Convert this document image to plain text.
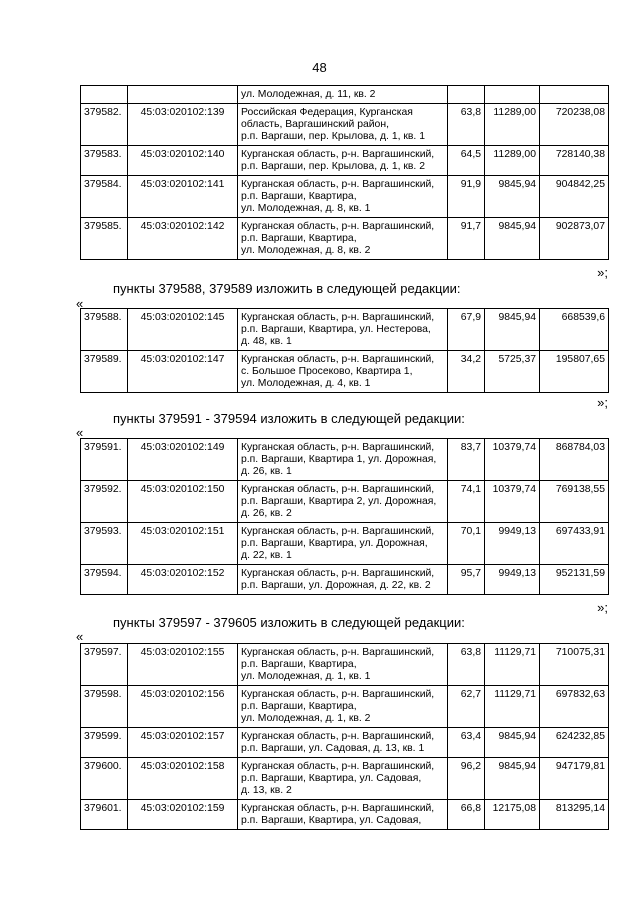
48

		ул. Молодежная, д. 11, кв. 2			

379582.	45:03:020102:139	Российская Федерация, Курганская
область, Варгашинский район,
р.п. Варгаши, пер. Крылова, д. 1, кв. 1	63,8	11289,00	720238,08
379583.	45:03:020102:140	Курганская область, р-н. Варгашинский,
р.п. Варгаши, пер. Крылова, д. 1, кв. 2	64,5	11289,00	728140,38
379584.	45:03:020102:141	Курганская область, р-н. Варгашинский,
р.п. Варгаши, Квартира,
ул. Молодежная, д. 8, кв. 1	91,9	9845,94	904842,25
379585.	45:03:020102:142	Курганская область, р-н. Варгашинский,
р.п. Варгаши, Квартира,
ул. Молодежная, д. 8, кв. 2	91,7	9845,94	902873,07
»;
пункты 379588, 379589 изложить в следующей редакции:
«
379588.	45:03:020102:145	Курганская область, р-н. Варгашинский,
р.п. Варгаши, Квартира, ул. Нестерова,
д. 48, кв. 1	67,9	9845,94	668539,6
379589.	45:03:020102:147	Курганская область, р-н. Варгашинский,
с. Большое Просеково, Квартира 1,
ул. Молодежная, д. 4, кв. 1	34,2	5725,37	195807,65
»;
пункты 379591 - 379594 изложить в следующей редакции:
«
379591.	45:03:020102:149	Курганская область, р-н. Варгашинский,
р.п. Варгаши, Квартира 1, ул. Дорожная,
д. 26, кв. 1	83,7	10379,74	868784,03
379592.	45:03:020102:150	Курганская область, р-н. Варгашинский,
р.п. Варгаши, Квартира 2, ул. Дорожная,
д. 26, кв. 2	74,1	10379,74	769138,55
379593.	45:03:020102:151	Курганская область, р-н. Варгашинский,
р.п. Варгаши, Квартира, ул. Дорожная,
д. 22, кв. 1	70,1	9949,13	697433,91
379594.	45:03:020102:152	Курганская область, р-н. Варгашинский,
р.п. Варгаши, ул. Дорожная, д. 22, кв. 2	95,7	9949,13	952131,59
»;
пункты 379597 - 379605 изложить в следующей редакции:
«
379597.	45:03:020102:155	Курганская область, р-н. Варгашинский,
р.п. Варгаши, Квартира,
ул. Молодежная, д. 1, кв. 1	63,8	11129,71	710075,31
379598.	45:03:020102:156	Курганская область, р-н. Варгашинский,
р.п. Варгаши, Квартира,
ул. Молодежная, д. 1, кв. 2	62,7	11129,71	697832,63
379599.	45:03:020102:157	Курганская область, р-н. Варгашинский,
р.п. Варгаши, ул. Садовая, д. 13, кв. 1	63,4	9845,94	624232,85
379600.	45:03:020102:158	Курганская область, р-н. Варгашинский,
р.п. Варгаши, Квартира, ул. Садовая,
д. 13, кв. 2	96,2	9845,94	947179,81
379601.	45:03:020102:159	Курганская область, р-н. Варгашинский,
р.п. Варгаши, Квартира, ул. Садовая,	66,8	12175,08	813295,14
